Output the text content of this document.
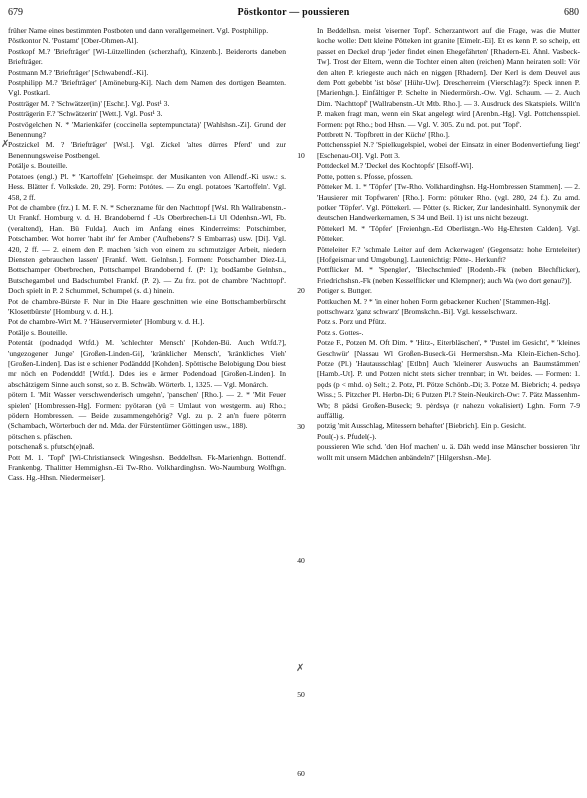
679	Pöstkontor — poussieren	680

früher Name eines bestimmten Postboten und dann verallgemeinert. Vgl. Postphilipp.

Pöstkontor N. 'Postamt' [Ober-Ohmen-Al].

Postkopf M.? 'Briefträger' [Wi-Lützellinden (scherzhaft), Kinzenb.]. Beiderorts daneben Briefträger.

Postmann M.? 'Briefträger' [Schwabendf.-Ki].

Postphilipp M.? 'Briefträger' [Amöneburg-Ki]. Nach dem Namen des dortigen Beamten. Vgl. Postkarl.

Postträger M. ? 'Schwätzer(in)' [Eschr.]. Vgl. Post¹ 3.

Postträgerin F.? 'Schwätzerin' [Wett.]. Vgl. Post¹ 3.

Postvögelchen N. * 'Marienkäfer (coccinella septempunctata)' [Wahlshsn.-Zi]. Grund der Benennung?

Postzickel M. ? 'Briefträger' [Wsl.]. Vgl. Zickel 'altes dürres Pferd' und zur Benennungsweise Postbengel.

Potälje s. Bouteille.

Potatoes (engl.) Pl. * 'Kartoffeln' [Geheimspr. der Musikanten von Allendf.-Ki usw.: s. Hess. Blätter f. Volkskde. 20, 29]. Form: Potótes. — Zu engl. potatoes 'Kartoffeln'. Vgl. 458, 2 ff.

Pot de chambre (frz.) I. M. F. N. * Scherzname für den Nachttopf [Wsl. Rh Wallrabenstn.-Ut Frankf. Homburg v. d. H. Brandobernd f -Us Oberbrechen-Li Ul Odenhsn.-Wl, Fb. (veraltend), Han. Bü Fulda]. Auch im Anfang eines Kinderreims: Potschimber, Potschamber. Wot horrer 'habt ihr' fer Amber ('Aufhebens'? S Embarras) usw. [Di]. Vgl. 420, 2 ff. — 2. einem den P. machen 'sich von einem zu schmutziger Arbeit, niedern Diensten gebrauchen lassen' [Frankf. Wett. Gelnhsn.]. Formen: Potschamber Diez-Li, Bottschamper Oberbrechen, Pottschampel Brandobernd f. (P: 1); bodšambe Gelnhsn., Butschegambel und Badschumbel Frankf. (P. 2). — Zu frz. pot de chambre 'Nachttopf'. Doch spielt in P. 2 Schummel, Schumpel (s. d.) hinein.

Pot de chambre-Bürste F. Nur in Die Haare geschnitten wie eine Bottschamberbürscht 'Klosettbürste' [Homburg v. d. H.].

Pot de chambre-Wirt M. ? 'Häuservermieter' [Homburg v. d. H.].

Potälje s. Bouteille.

Potentát (podnadǫd Wtfd.) M. 'schlechter Mensch' [Kohden-Bü. Auch Wtfd.?], 'ungezogener Junge' [Großen-Linden-Gi], 'kränklicher Mensch', 'kränkliches Vieh' [Großen-Linden]. Das ist e schiener Podänddd [Kohden]. Spöttische Belobigung Dou biest mr nöch en Podenddd! [Wtfd.]. Ddes ies e ärmer Podendoad [Großen-Linden]. In abschätzigem Sinne auch sonst, so z. B. Schwäb. Wörterb. 1, 1325. — Vgl. Monárch.

pötern I. 'Mit Wasser verschwenderisch umgehn', 'panschen' [Rho.]. — 2. * 'Mit Feuer spielen' [Hombressen-Hg]. Formen: pyötərən (yü = Umlaut von westgerm. au) Rho.; pödern Hombressen. — Beide zusammengehörig? Vgl. zu p. 2 an'n fuere pöterrn (Schambach, Wörterbuch der nd. Mda. der Fürstentümer Göttingen usw., 188).

pötschen s. pfäschen.

potschenaß s. pfutsch(e)naß.

Pott M. 1. 'Topf' [Wi-Christianseck Wingeshsn. Beddelhsn. Fk-Marienhgn. Bottendf. Frankenbg. Thalitter Hemmighsn.-Ei Tw-Rho. Volkhardinghsn. Wo-Naumburg Wolfhgn. Cass. Hg.-Hhsn. Niedermeiser].

10
20
30
40
50
60
✗
✗

In Beddelhsn. meist 'eiserner Topf'. Scherzantwort auf die Frage, was die Mutter koche wolle: Dett kleine Pötteken int granite [Eimelr.-Ei]. Et es kenn P. so scheip, ett passet en Deckel drup 'jeder findet einen Ehegefährten' [Rhadern-Ei. Ähnl. Vasbeck-Tw]. Trost der Eltern, wenn die Tochter einen alten (reichen) Mann heiraten soll: Vör den alten P. kriegeste auch nách en niggen [Rhadern]. Der Kerl is dem Deuvel aus dem Pott gebebbt 'ist böse' [Hühr-Uw]. Drescherreim (Vierschlag?): Speck innen P. [Marienhgn.]. Einfältiger P. Schelte in Niedermörsh.-Ow. Vgl. Schaum. — 2. Auch Dim. 'Nachttopf' [Wallrabenstn.-Ut Mtb. Rho.]. — 3. Ausdruck des Skatspiels. Willt'n P. maken fragt man, wenn ein Skat angelegt wird [Arenbn.-Hg]. Vgl. Pottchensspiel. Formen: pǫt Rho.; bod Hhsn. — Vgl. V. 305. Zu nd. pot. put 'Topf'.

Pottbrett N. 'Topfbrett in der Küche' [Rho.].

Pottchensspiel N.? 'Spielkugelspiel, wobei der Einsatz in einer Bodenvertiefung liegt' [Eschenau-Ol]. Vgl. Pott 3.

Pottdeckel M.? 'Deckel des Kochtopfs' [Elsoff-Wi].

Potte, potten s. Pfosse, pfossen.

Pötteker M. 1. * 'Töpfer' [Tw-Rho. Volkhardinghsn. Hg-Hombressen Stammen]. — 2. 'Hausierer mit Topfwaren' [Rho.]. Form: pötuker Rho. (vgl. 280, 24 f.). Zu amd. potker 'Töpfer'. Vgl. Pöttekerl. — Pötter (s. Ricker, Zur landesinhaltl. Synonymik der deutschen Handwerkernamen, S 34 und Beil. 1) ist uns nicht bezeugt.

Pöttekerl M. * 'Töpfer' [Freienhgn.-Ed Oberlistgn.-Wo Hg-Ehrsten Calden]. Vgl. Pötteker.

Pötteleiter F.? 'schmale Leiter auf dem Ackerwagen' (Gegensatz: hohe Ernteleiter) [Hofgeismar und Umgebung]. Lautenichtig: Pötte-. Herkunft?

Pottflicker M. * 'Spengler', 'Blechschmied' [Rodenb.-Fk (neben Blechflicker), Friedrichshsn.-Fk (neben Kesselflicker und Klempner); auch Wa (wo dort genau?)].

Potiger s. Buttger.

Pottkuchen M. ? * 'in einer hohen Form gebackener Kuchen' [Stammen-Hg].

pottschwarz 'ganz schwarz' [Bromskchn.-Bi]. Vgl. kesselschwarz.

Potz s. Porz und Pfütz.

Potz s. Gottes-.

Potze F., Potzen M. Oft Dim. * 'Hitz-, Eiterbläschen', * 'Pustel im Gesicht', * 'kleines Geschwür' [Nassau Wl Großen-Buseck-Gi Hermershsn.-Ma Klein-Eichen-Scho]. Potze (Pl.) 'Hautausschlag' [Etlbn] Auch 'kleinerer Auswuchs an Baumstämmen' [Hamb.-Ut]. P. und Potzen nicht stets sicher trennbar; in Wt. beides. — Formen: 1. pǫds (p < mhd. o) Selt.; 2. Potz, Pl. Pötze Schönb.-Di; 3. Potze M. Biebrich; 4. pedsγə Wiss.; 5. Pitzcher Pl. Herbn-Di; 6 Putzen Pl.? Stein-Neukirch-Ow: 7. Pätz Massenhm-Wb; 8 pädsi Großen-Buseck; 9. pėrdsγə (r nahezu vokalisiert) Lghn. Form 7-9 auffällig.

potzig 'mit Ausschlag, Mitessern behaftet' [Biebrich]. Ein p. Gesicht.

Poul(-) s. Pfudel(-).

poussieren Wie schd. 'den Hof machen' u. ä. Däh wedd inse Mänscher bossieren 'ihr wollt mit unsern Mädchen anbändeln?' [Hilgershsn.-Me].
